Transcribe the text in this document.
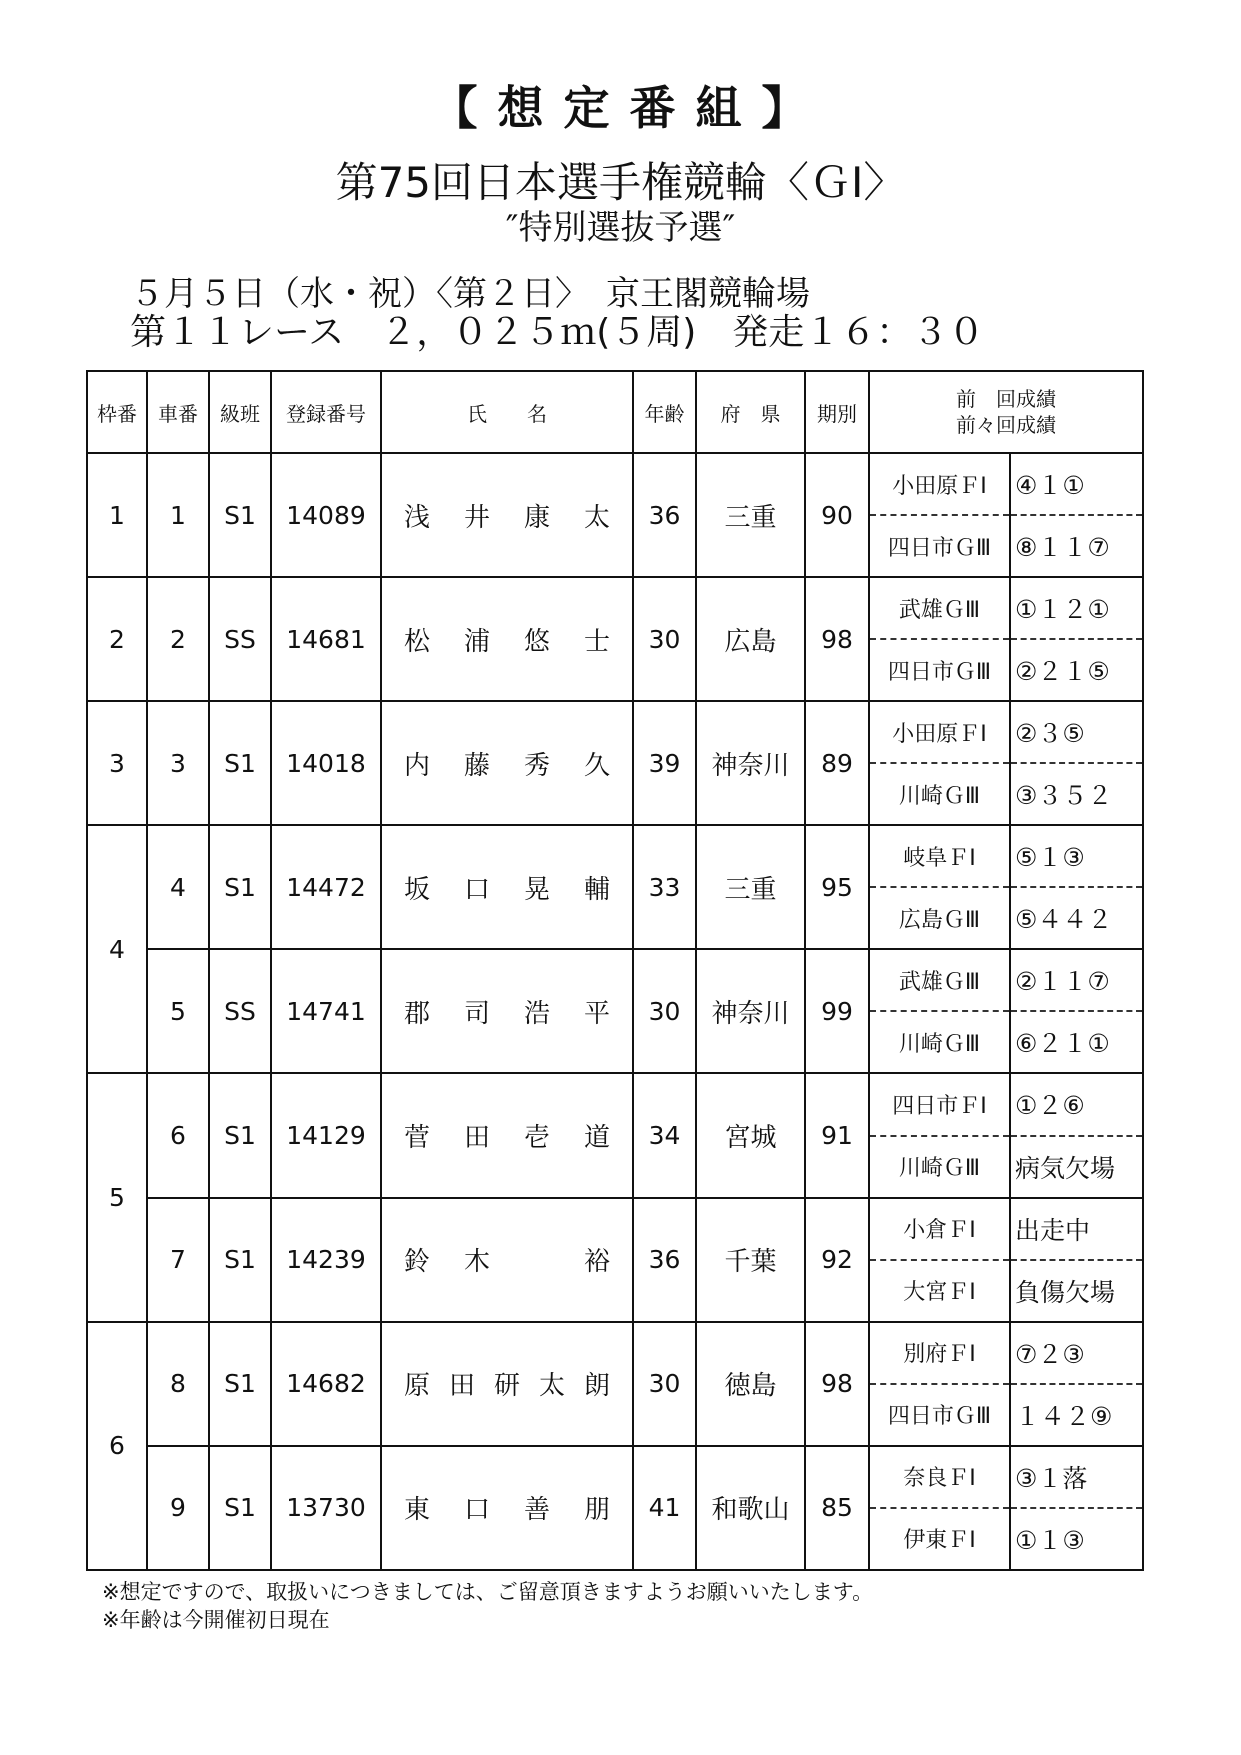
【 想 定 番 組 】
第75回日本選手権競輪〈ＧⅠ〉
″特別選抜予選″
５月５日（水・祝）〈第２日〉　京王閣競輪場
第１１レース　２，０２５ｍ(５周)　発走１６：３０
枠番	車番	級班	登録番号	氏　　名	年齢	府　県	期別	前　回成績
前々回成績	

1	1	S1	14089	浅井康太	36	三重	90	小田原ＦⅠ	④１①
								四日市ＧⅢ	⑧１１⑦
2	2	SS	14681	松浦悠士	30	広島	98	武雄ＧⅢ	①１２①
								四日市ＧⅢ	②２１⑤
3	3	S1	14018	内藤秀久	39	神奈川	89	小田原ＦⅠ	②３⑤
								川崎ＧⅢ	③３５２
4	4	S1	14472	坂口晃輔	33	三重	95	岐阜ＦⅠ	⑤１③
								広島ＧⅢ	⑤４４２
	5	SS	14741	郡司浩平	30	神奈川	99	武雄ＧⅢ	②１１⑦
								川崎ＧⅢ	⑥２１①
5	6	S1	14129	菅田壱道	34	宮城	91	四日市ＦⅠ	①２⑥
								川崎ＧⅢ	病気欠場
	7	S1	14239	鈴木　裕	36	千葉	92	小倉ＦⅠ	出走中
								大宮ＦⅠ	負傷欠場
6	8	S1	14682	原田研太朗	30	徳島	98	別府ＦⅠ	⑦２③
								四日市ＧⅢ	１４２⑨
	9	S1	13730	東口善朋	41	和歌山	85	奈良ＦⅠ	③１落
								伊東ＦⅠ	①１③
※想定ですので、取扱いにつきましては、ご留意頂きますようお願いいたします。
※年齢は今開催初日現在
